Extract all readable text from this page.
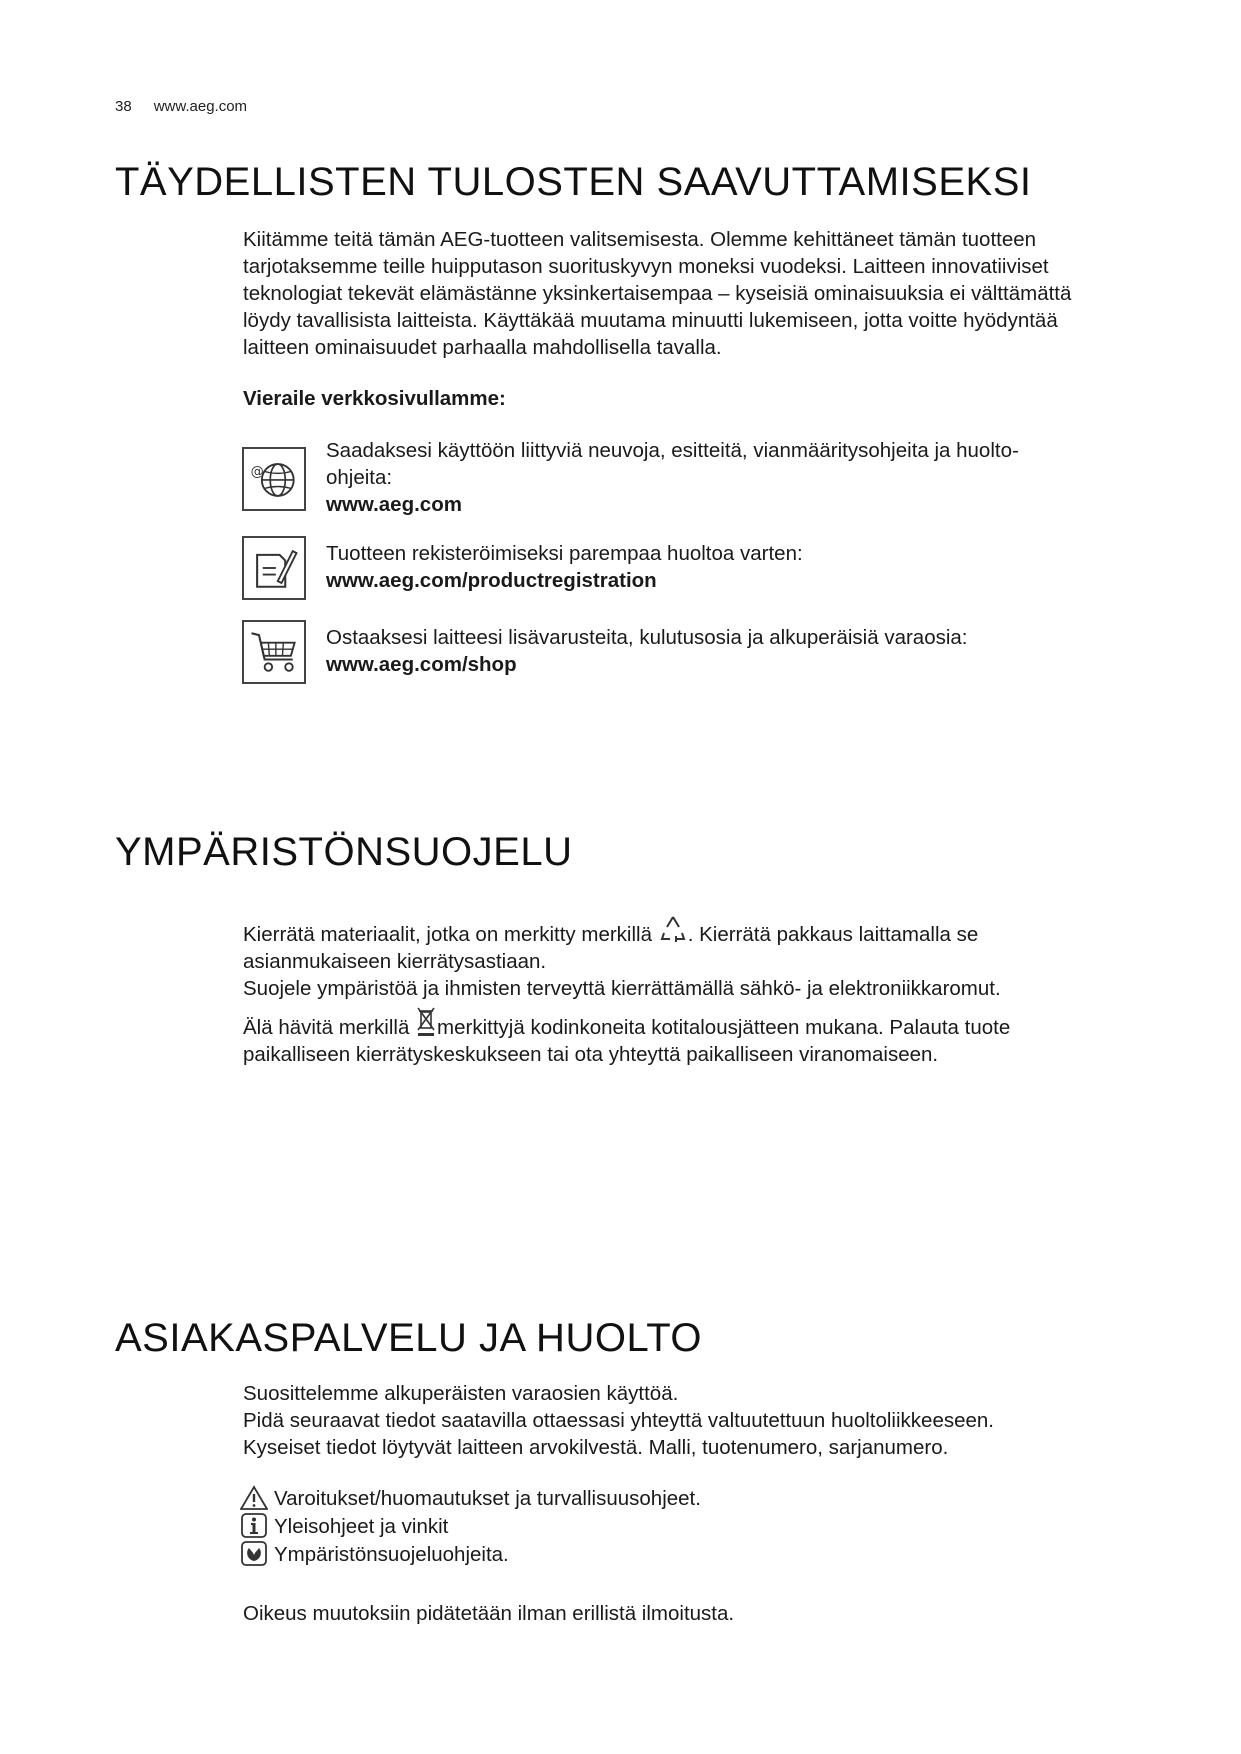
38 www.aeg.com
TÄYDELLISTEN TULOSTEN SAAVUTTAMISEKSI

Kiitämme teitä tämän AEG-tuotteen valitsemisesta. Olemme kehittäneet tämän tuotteen

tarjotaksemme teille huipputason suorituskyvyn moneksi vuodeksi. Laitteen innovatiiviset

teknologiat tekevät elämästänne yksinkertaisempaa – kyseisiä ominaisuuksia ei välttämättä

löydy tavallisista laitteista. Käyttäkää muutama minuutti lukemiseen, jotta voitte hyödyntää

laitteen ominaisuudet parhaalla mahdollisella tavalla.

Vieraile verkkosivullamme:
@

Saadaksesi käyttöön liittyviä neuvoja, esitteitä, vianmääritysohjeita ja huolto-

ohjeita:

www.aeg.com

Tuotteen rekisteröimiseksi parempaa huoltoa varten:

www.aeg.com/productregistration

Ostaaksesi laitteesi lisävarusteita, kulutusosia ja alkuperäisiä varaosia:

www.aeg.com/shop

YMPÄRISTÖNSUOJELU

Kierrätä materiaalit, jotka on merkitty merkillä . Kierrätä pakkaus laittamalla se

asianmukaiseen kierrätysastiaan.

Suojele ympäristöä ja ihmisten terveyttä kierrättämällä sähkö- ja elektroniikkaromut.

Älä hävitä merkillä merkittyjä kodinkoneita kotitalousjätteen mukana. Palauta tuote

paikalliseen kierrätyskeskukseen tai ota yhteyttä paikalliseen viranomaiseen.

ASIAKASPALVELU JA HUOLTO

Suosittelemme alkuperäisten varaosien käyttöä.

Pidä seuraavat tiedot saatavilla ottaessasi yhteyttä valtuutettuun huoltoliikkeeseen.

Kyseiset tiedot löytyvät laitteen arvokilvestä. Malli, tuotenumero, sarjanumero.

Varoitukset/huomautukset ja turvallisuusohjeet.
Yleisohjeet ja vinkit
Ympäristönsuojeluohjeita.
Oikeus muutoksiin pidätetään ilman erillistä ilmoitusta.
